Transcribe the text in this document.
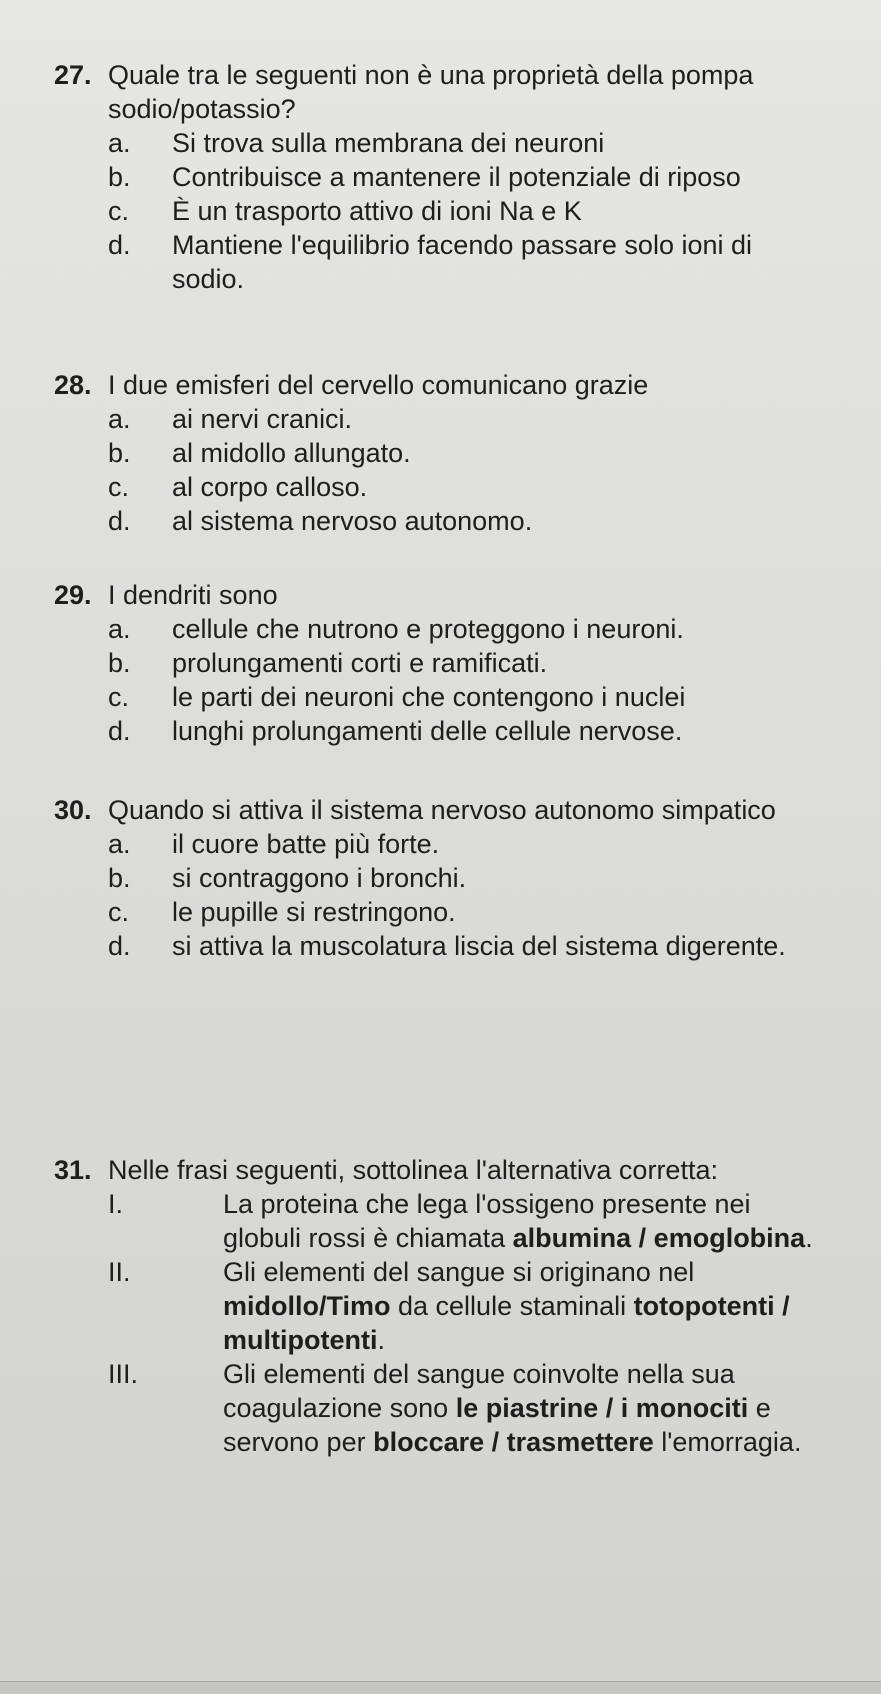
27. Quale tra le seguenti non è una proprietà della pompa sodio/potassio?
a.	Si trova sulla membrana dei neuroni
b.	Contribuisce a mantenere il potenziale di riposo
c.	È un trasporto attivo di ioni Na e K
d.	Mantiene l'equilibrio facendo passare solo ioni di sodio.
28. I due emisferi del cervello comunicano grazie
a.	ai nervi cranici.
b.	al midollo allungato.
c.	al corpo calloso.
d.	al sistema nervoso autonomo.
29. I dendriti sono
a.	cellule che nutrono e proteggono i neuroni.
b.	prolungamenti corti e ramificati.
c.	le parti dei neuroni che contengono i nuclei
d.	lunghi prolungamenti delle cellule nervose.
30. Quando si attiva il sistema nervoso autonomo simpatico
a.	il cuore batte più forte.
b.	si contraggono i bronchi.
c.	le pupille si restringono.
d.	si attiva la muscolatura liscia del sistema digerente.
31. Nelle frasi seguenti, sottolinea l'alternativa corretta:
I.	La proteina che lega l'ossigeno presente nei globuli rossi è chiamata albumina / emoglobina.
II.	Gli elementi del sangue si originano nel midollo/Timo da cellule staminali totopotenti / multipotenti.
III.	Gli elementi del sangue coinvolte nella sua coagulazione sono le piastrine / i monociti e servono per bloccare / trasmettere l'emorragia.
